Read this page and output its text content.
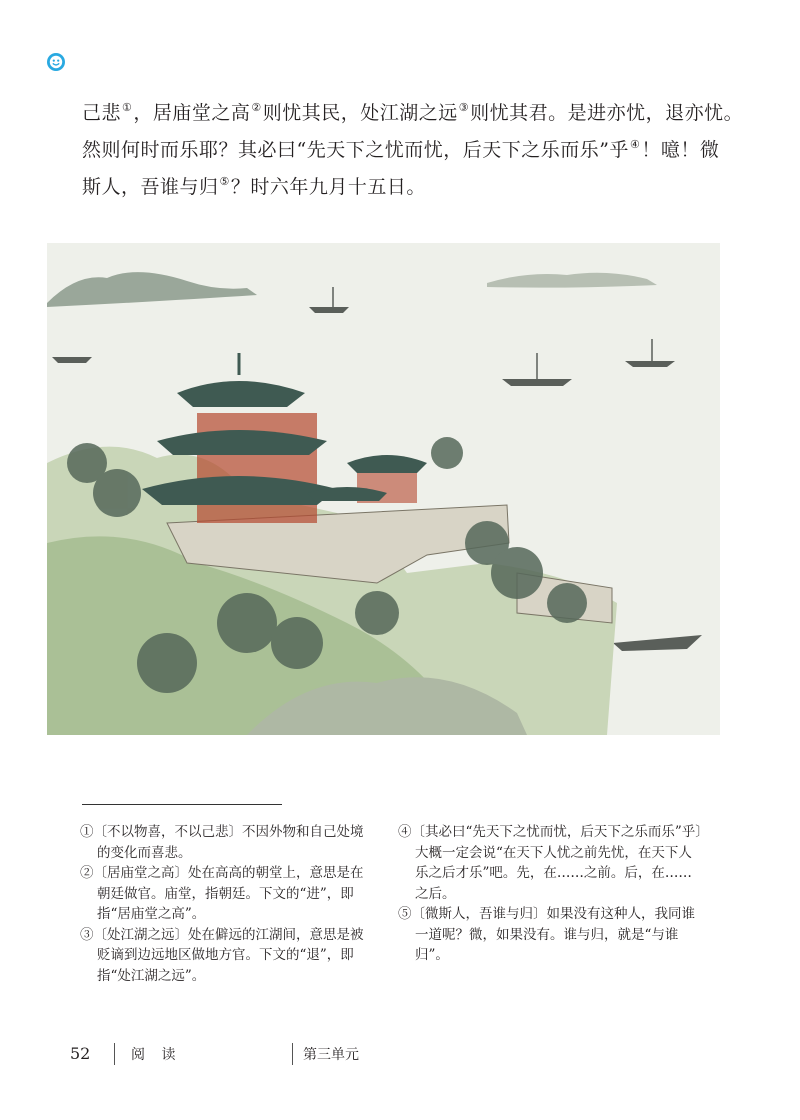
己悲①，居庙堂之高②则忧其民，处江湖之远③则忧其君。是进亦忧，退亦忧。

然则何时而乐耶？其必曰“先天下之忧而忧，后天下之乐而乐”乎④！噫！微

斯人，吾谁与归⑤？时六年九月十五日。

①〔不以物喜，不以己悲〕不因外物和自己处境的变化而喜悲。

②〔居庙堂之高〕处在高高的朝堂上，意思是在朝廷做官。庙堂，指朝廷。下文的“进”，即指“居庙堂之高”。

③〔处江湖之远〕处在僻远的江湖间，意思是被贬谪到边远地区做地方官。下文的“退”，即指“处江湖之远”。

④〔其必曰“先天下之忧而忧，后天下之乐而乐”乎〕大概一定会说“在天下人忧之前先忧，在天下人乐之后才乐”吧。先，在……之前。后，在……之后。

⑤〔微斯人，吾谁与归〕如果没有这种人，我同谁一道呢？微，如果没有。谁与归，就是“与谁归”。

52	阅 读	第三单元
